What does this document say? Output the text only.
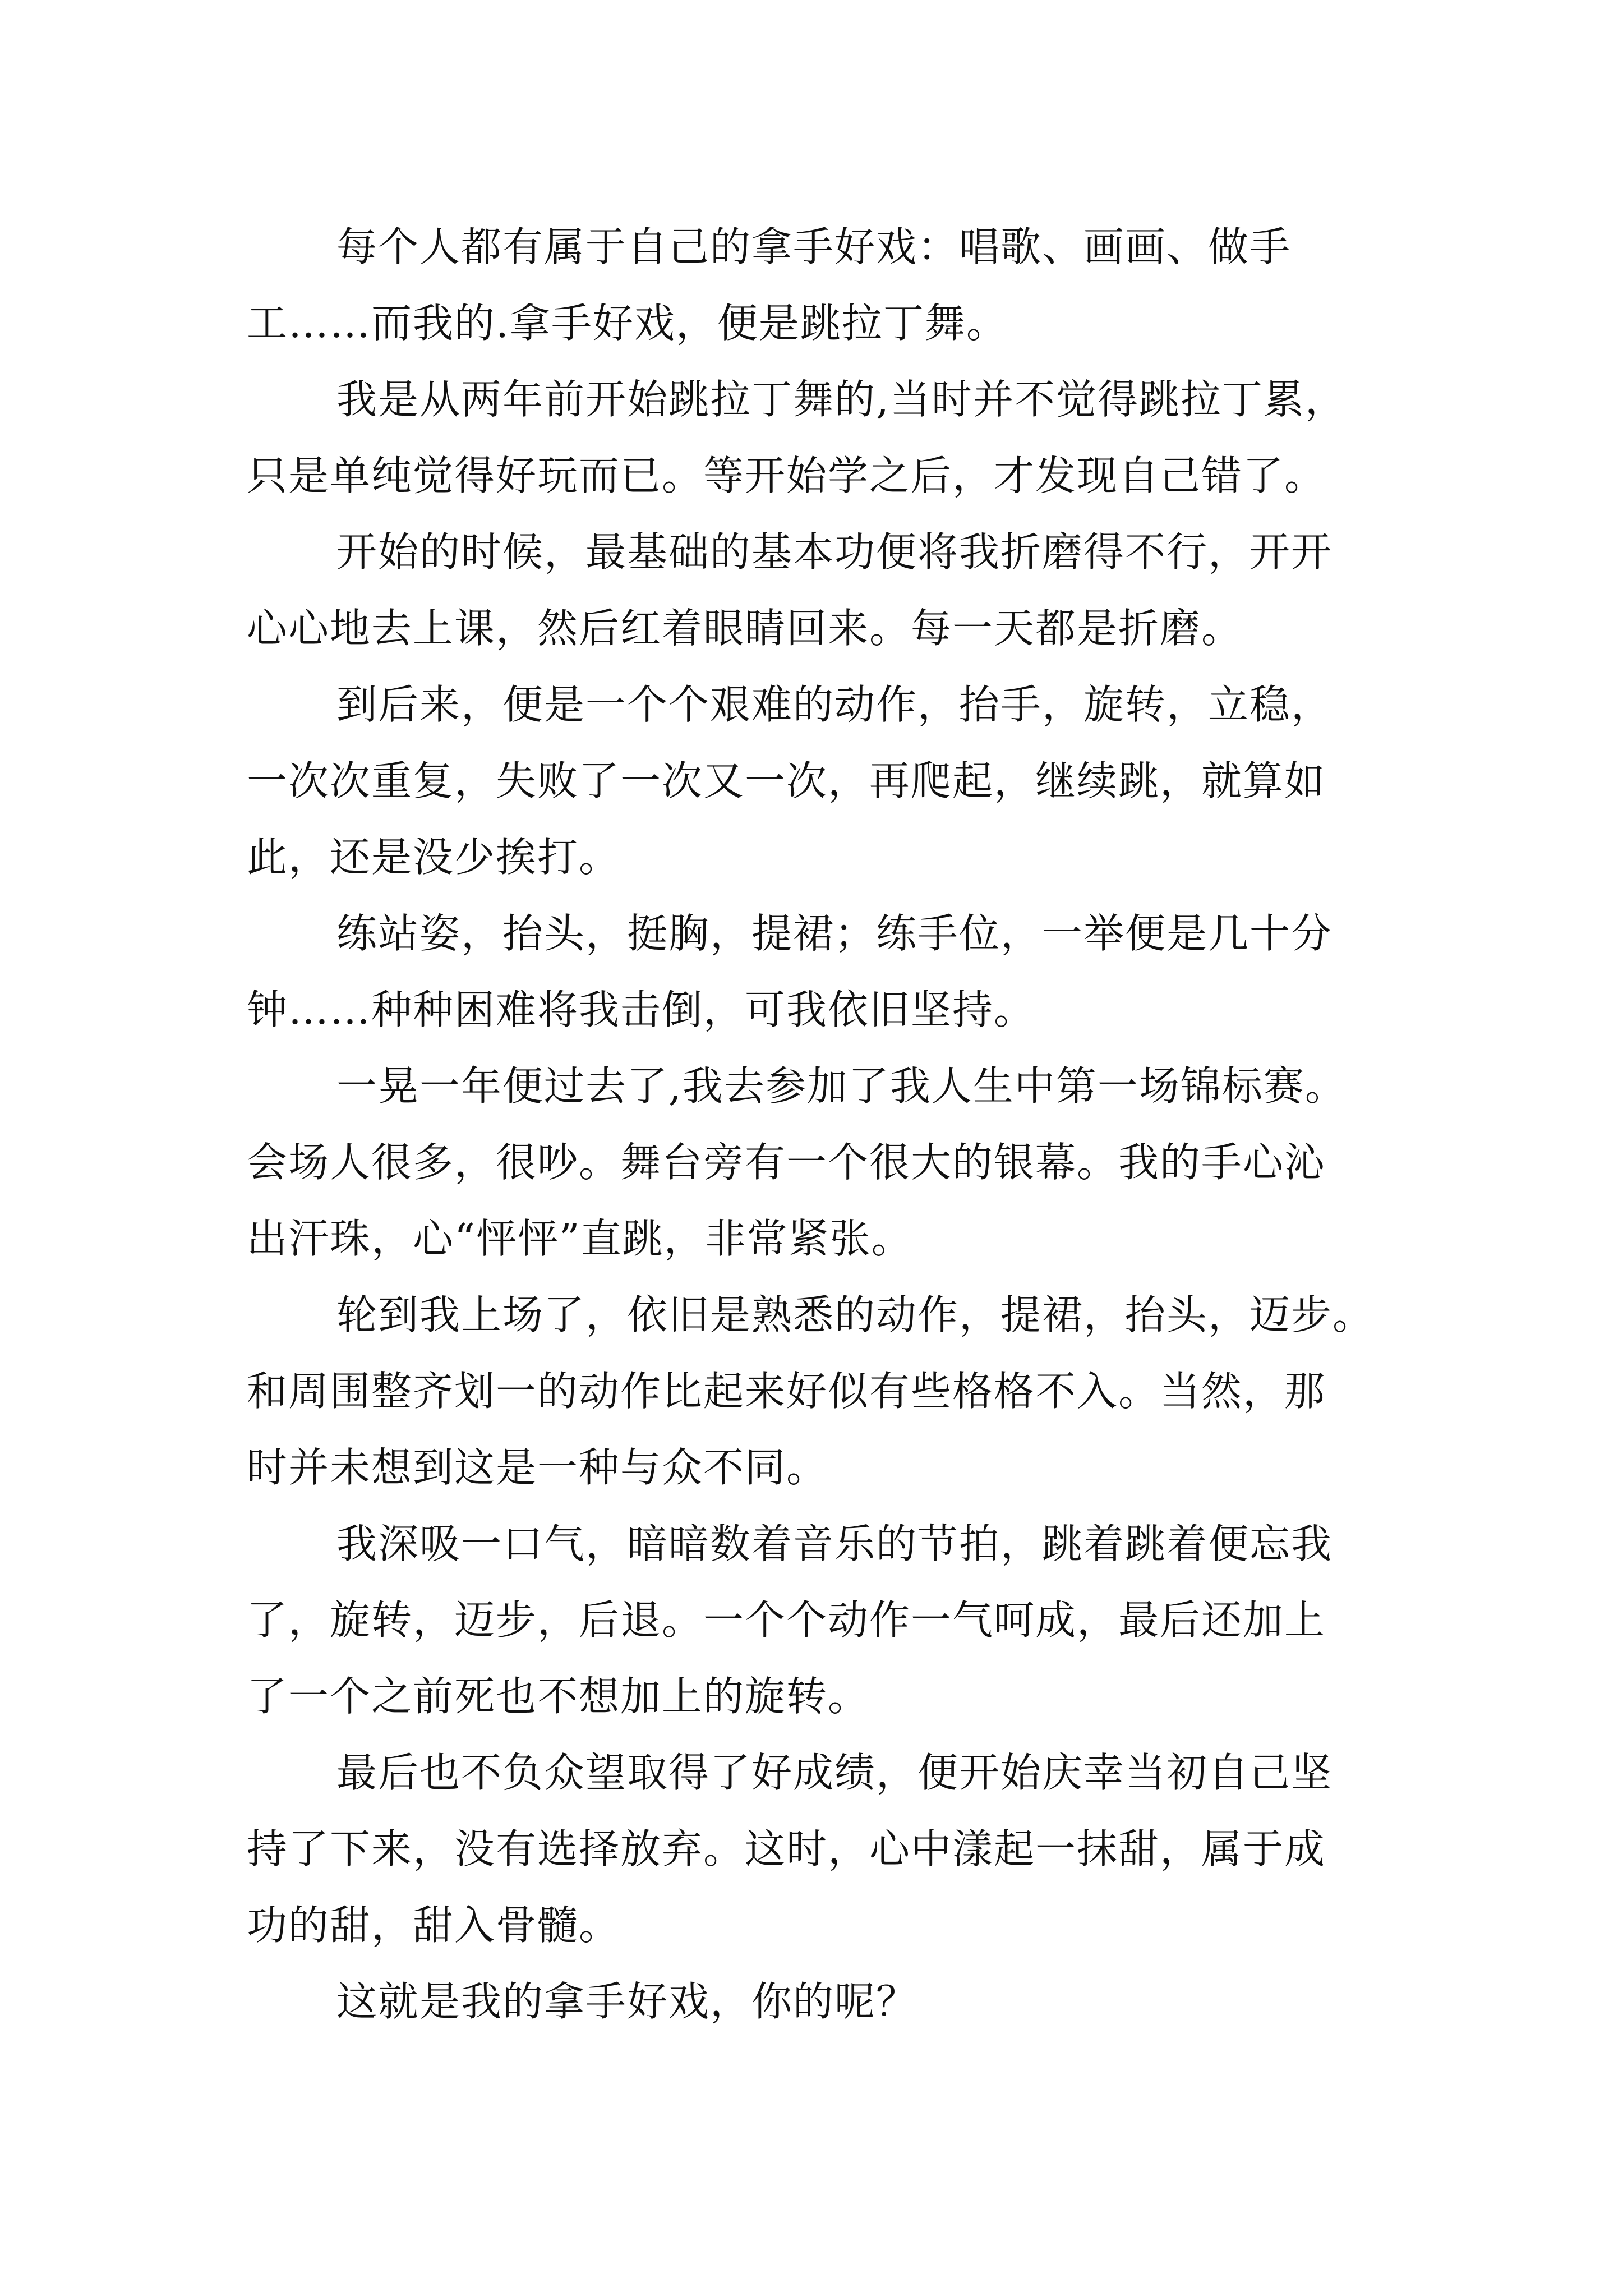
每个人都有属于自己的拿手好戏：唱歌、画画、做手
工……而我的.拿手好戏，便是跳拉丁舞。

我是从两年前开始跳拉丁舞的,当时并不觉得跳拉丁累，
只是单纯觉得好玩而已。等开始学之后，才发现自己错了。

开始的时候，最基础的基本功便将我折磨得不行，开开
心心地去上课，然后红着眼睛回来。每一天都是折磨。

到后来，便是一个个艰难的动作，抬手，旋转，立稳，
一次次重复，失败了一次又一次，再爬起，继续跳，就算如
此，还是没少挨打。

练站姿，抬头，挺胸，提裙；练手位，一举便是几十分
钟……种种困难将我击倒，可我依旧坚持。

一晃一年便过去了,我去参加了我人生中第一场锦标赛。
会场人很多，很吵。舞台旁有一个很大的银幕。我的手心沁
出汗珠，心“怦怦”直跳，非常紧张。

轮到我上场了，依旧是熟悉的动作，提裙，抬头，迈步。
和周围整齐划一的动作比起来好似有些格格不入。当然，那
时并未想到这是一种与众不同。

我深吸一口气，暗暗数着音乐的节拍，跳着跳着便忘我
了，旋转，迈步，后退。一个个动作一气呵成，最后还加上
了一个之前死也不想加上的旋转。

最后也不负众望取得了好成绩，便开始庆幸当初自己坚
持了下来，没有选择放弃。这时，心中漾起一抹甜，属于成
功的甜，甜入骨髓。

这就是我的拿手好戏，你的呢？
